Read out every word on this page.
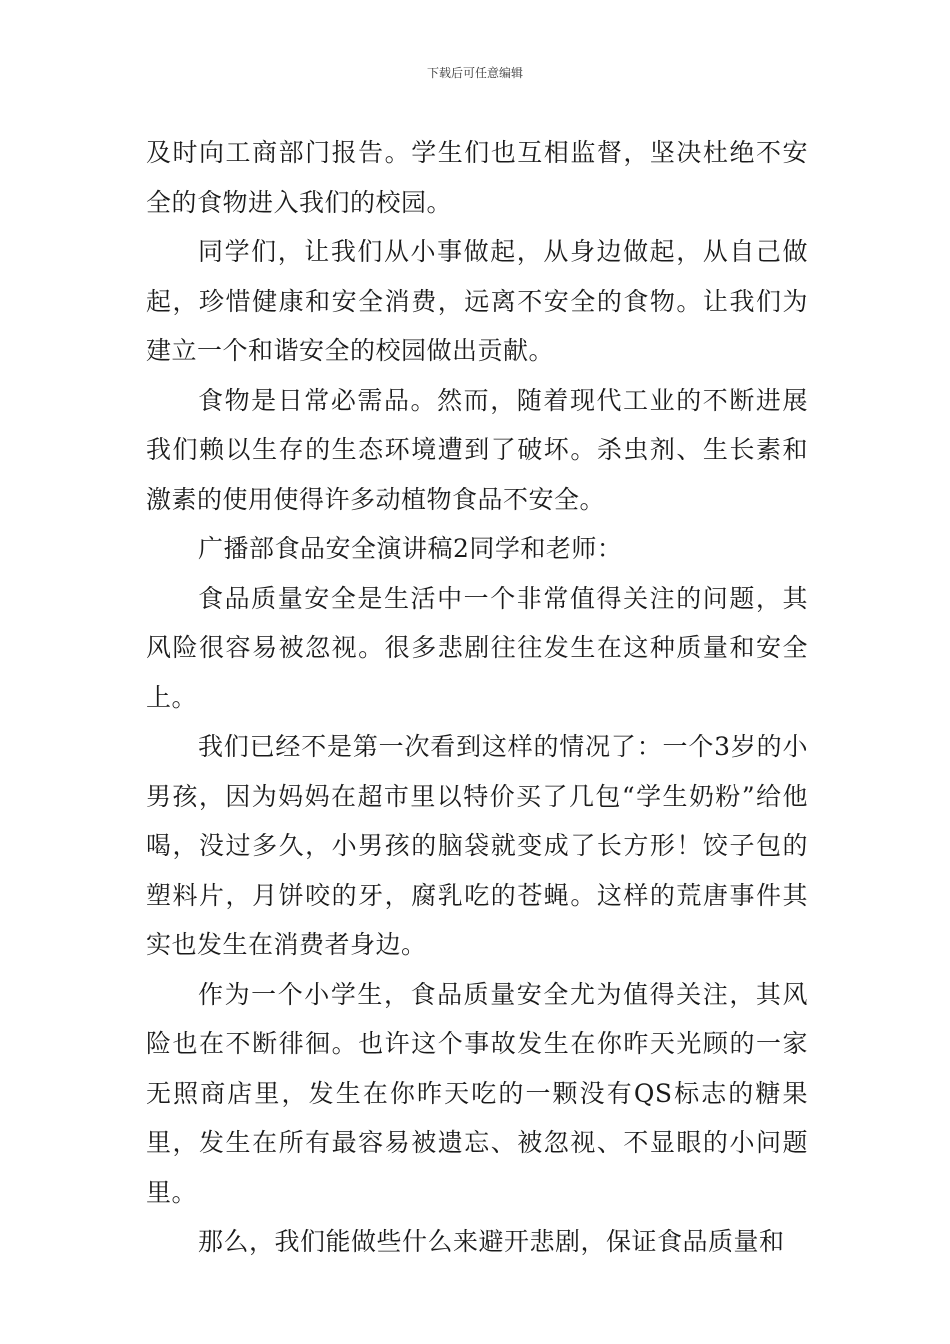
下载后可任意编辑

及时向工商部门报告。学生们也互相监督，坚决杜绝不安全的食物进入我们的校园。

同学们，让我们从小事做起，从身边做起，从自己做起，珍惜健康和安全消费，远离不安全的食物。让我们为建立一个和谐安全的校园做出贡献。

食物是日常必需品。然而，随着现代工业的不断进展我们赖以生存的生态环境遭到了破坏。杀虫剂、生长素和激素的使用使得许多动植物食品不安全。

广播部食品安全演讲稿2同学和老师：

食品质量安全是生活中一个非常值得关注的问题，其风险很容易被忽视。很多悲剧往往发生在这种质量和安全上。

我们已经不是第一次看到这样的情况了：一个3岁的小男孩，因为妈妈在超市里以特价买了几包“学生奶粉”给他喝，没过多久，小男孩的脑袋就变成了长方形！饺子包的塑料片，月饼咬的牙，腐乳吃的苍蝇。这样的荒唐事件其实也发生在消费者身边。

作为一个小学生，食品质量安全尤为值得关注，其风险也在不断徘徊。也许这个事故发生在你昨天光顾的一家无照商店里，发生在你昨天吃的一颗没有QS标志的糖果里，发生在所有最容易被遗忘、被忽视、不显眼的小问题里。

那么，我们能做些什么来避开悲剧，保证食品质量和
